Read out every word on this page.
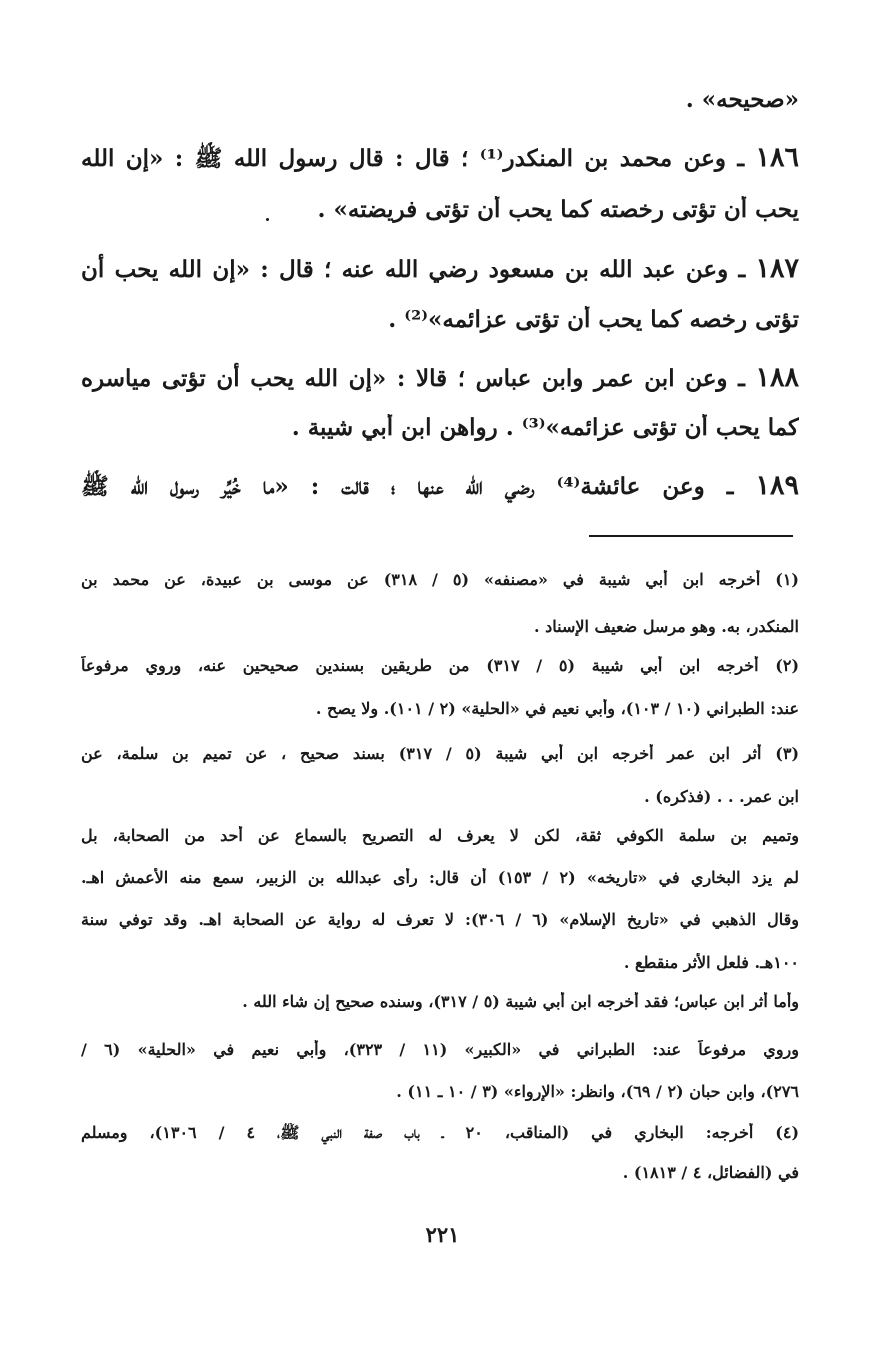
«صحيحه» .
١٨٦ ـ وعن محمد بن المنكدر⁽¹⁾ ؛ قال : قال رسول الله ﷺ : «إن الله
يحب أن تؤتى رخصته كما يحب أن تؤتى فريضته» .
١٨٧ ـ وعن عبد الله بن مسعود رضي الله عنه ؛ قال : «إن الله يحب أن
تؤتى رخصه كما يحب أن تؤتى عزائمه»⁽²⁾ .
١٨٨ ـ وعن ابن عمر وابن عباس ؛ قالا : «إن الله يحب أن تؤتى مياسره
كما يحب أن تؤتى عزائمه»⁽³⁾ . رواهن ابن أبي شيبة .
١٨٩ ـ وعن عائشة⁽⁴⁾ رضي الله عنها ؛ قالت : «ما خُيِّر رسول الله ﷺ
(١) أخرجه ابن أبي شيبة في «مصنفه» (٥ / ٣١٨) عن موسى بن عبيدة، عن محمد بن
المنكدر، به. وهو مرسل ضعيف الإسناد .
(٢) أخرجه ابن أبي شيبة (٥ / ٣١٧) من طريقين بسندين صحيحين عنه، وروي مرفوعاً
عند: الطبراني (١٠ / ١٠٣)، وأبي نعيم في «الحلية» (٢ / ١٠١). ولا يصح .
(٣) أثر ابن عمر أخرجه ابن أبي شيبة (٥ / ٣١٧) بسند صحيح ، عن تميم بن سلمة، عن
ابن عمر. . . (فذكره) .
وتميم بن سلمة الكوفي ثقة، لكن لا يعرف له التصريح بالسماع عن أحد من الصحابة، بل
لم يزد البخاري في «تاريخه» (٢ / ١٥٣) أن قال: رأى عبدالله بن الزبير، سمع منه الأعمش اهـ.
وقال الذهبي في «تاريخ الإسلام» (٦ / ٣٠٦): لا تعرف له رواية عن الصحابة اهـ. وقد توفي سنة
١٠٠هـ. فلعل الأثر منقطع .
وأما أثر ابن عباس؛ فقد أخرجه ابن أبي شيبة (٥ / ٣١٧)، وسنده صحيح إن شاء الله .
وروي مرفوعاً عند: الطبراني في «الكبير» (١١ / ٣٢٣)، وأبي نعيم في «الحلية» (٦ /
٢٧٦)، وابن حبان (٢ / ٦٩)، وانظر: «الإرواء» (٣ / ١٠ ـ ١١) .
(٤) أخرجه: البخاري في (المناقب، ٢٠ ـ باب صفة النبي ﷺ، ٤ / ١٣٠٦)، ومسلم
في (الفضائل، ٤ / ١٨١٣) .
٢٢١
